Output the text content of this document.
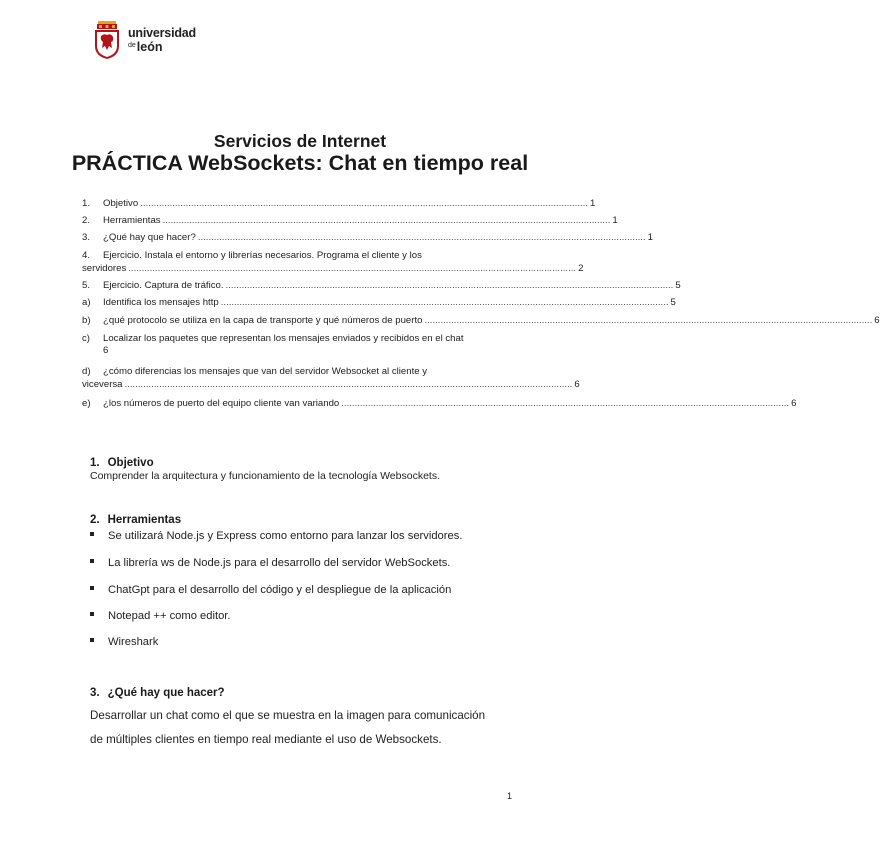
universidad
$^{de}$león
Servicios de Internet
PRÁCTICA WebSockets: Chat en tiempo real
1.	Objetivo ........................................................................................................................................................................ 1
2.	Herramientas ........................................................................................................................................................................ 1
3.	¿Qué hay que hacer? ........................................................................................................................................................................ 1
4. Ejercicio. Instala el entorno y librerías necesarios. Programa el cliente y los
servidores ........................................................................................................................................................................ 2
5.	Ejercicio. Captura de tráfico. ........................................................................................................................................................................ 5
a)	Identifica los mensajes http ........................................................................................................................................................................ 5
b)	¿qué protocolo se utiliza en la capa de transporte y qué números de puerto ........................................................................................................................................................................ 6
c) Localizar los paquetes que representan los mensajes enviados y recibidos en el chat
6
d) ¿cómo diferencias los mensajes que van del servidor Websocket al cliente y
viceversa ........................................................................................................................................................................ 6
e)	¿los números de puerto del equipo cliente van variando ........................................................................................................................................................................ 6
1. Objetivo
Comprender la arquitectura y funcionamiento de la tecnología Websockets.
2. Herramientas
Se utilizará Node.js y Express como entorno para lanzar los servidores.
La librería ws de Node.js para el desarrollo del servidor WebSockets.
ChatGpt para el desarrollo del código y el despliegue de la aplicación
Notepad ++ como editor.
Wireshark
3. ¿Qué hay que hacer?
Desarrollar un chat como el que se muestra en la imagen para comunicación
de múltiples clientes en tiempo real mediante el uso de Websockets.
1
